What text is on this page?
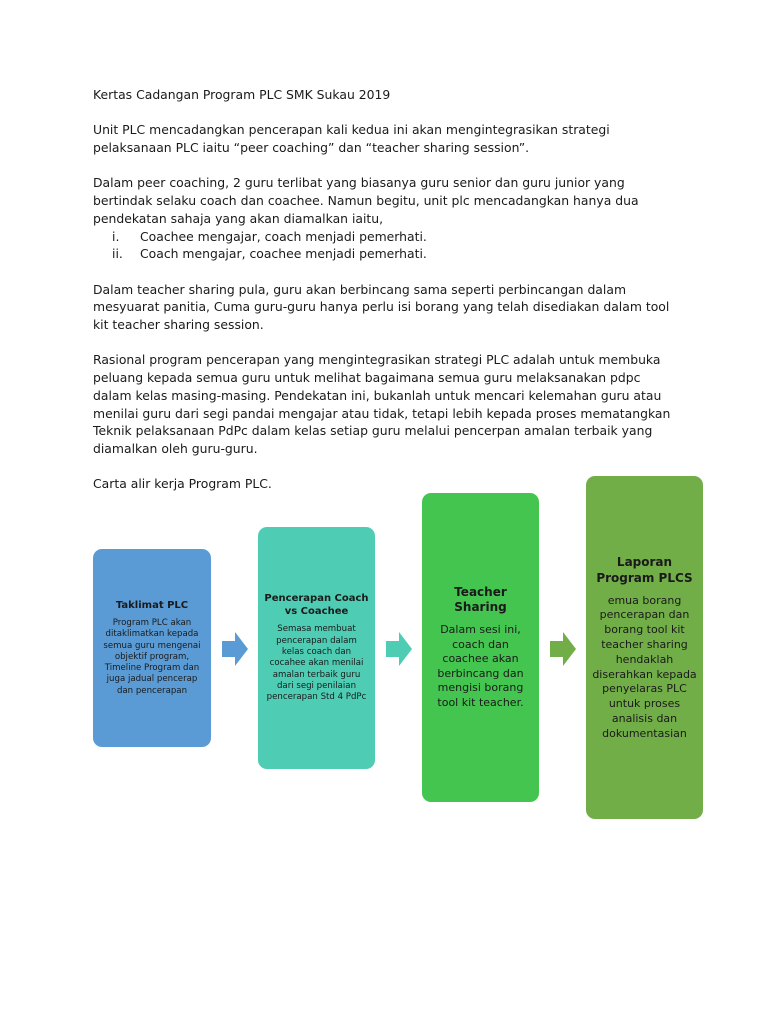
Kertas Cadangan Program PLC SMK Sukau 2019

Unit PLC mencadangkan pencerapan kali kedua ini akan mengintegrasikan strategi pelaksanaan PLC iaitu “peer coaching” dan “teacher sharing session”.

Dalam peer coaching, 2 guru terlibat yang biasanya guru senior dan guru junior yang bertindak selaku coach dan coachee. Namun begitu, unit plc mencadangkan hanya dua pendekatan sahaja yang akan diamalkan iaitu,

i.	Coachee mengajar, coach menjadi pemerhati.
ii.	Coach mengajar, coachee menjadi pemerhati.

Dalam teacher sharing pula, guru akan berbincang sama seperti perbincangan dalam mesyuarat panitia, Cuma guru-guru hanya perlu isi borang yang telah disediakan dalam tool kit teacher sharing session.

Rasional program pencerapan yang mengintegrasikan strategi PLC adalah untuk membuka peluang kepada semua guru untuk melihat bagaimana semua guru melaksanakan pdpc dalam kelas masing-masing. Pendekatan ini, bukanlah untuk mencari kelemahan guru atau menilai guru dari segi pandai mengajar atau tidak, tetapi lebih kepada proses mematangkan Teknik pelaksanaan PdPc dalam kelas setiap guru melalui pencerpan amalan terbaik yang diamalkan oleh guru-guru.

Carta alir kerja Program PLC.

Taklimat PLC
Program PLC akan ditaklimatkan kepada semua guru mengenai objektif program, Timeline Program dan juga jadual pencerap dan pencerapan
Pencerapan Coach vs Coachee
Semasa membuat pencerapan dalam kelas coach dan cocahee akan menilai amalan terbaik guru dari segi penilaian pencerapan Std 4 PdPc
Teacher Sharing
Dalam sesi ini, coach dan coachee akan berbincang dan mengisi borang tool kit teacher.
Laporan Program PLCS
emua borang pencerapan dan borang tool kit teacher sharing hendaklah diserahkan kepada penyelaras PLC untuk proses analisis dan dokumentasian
